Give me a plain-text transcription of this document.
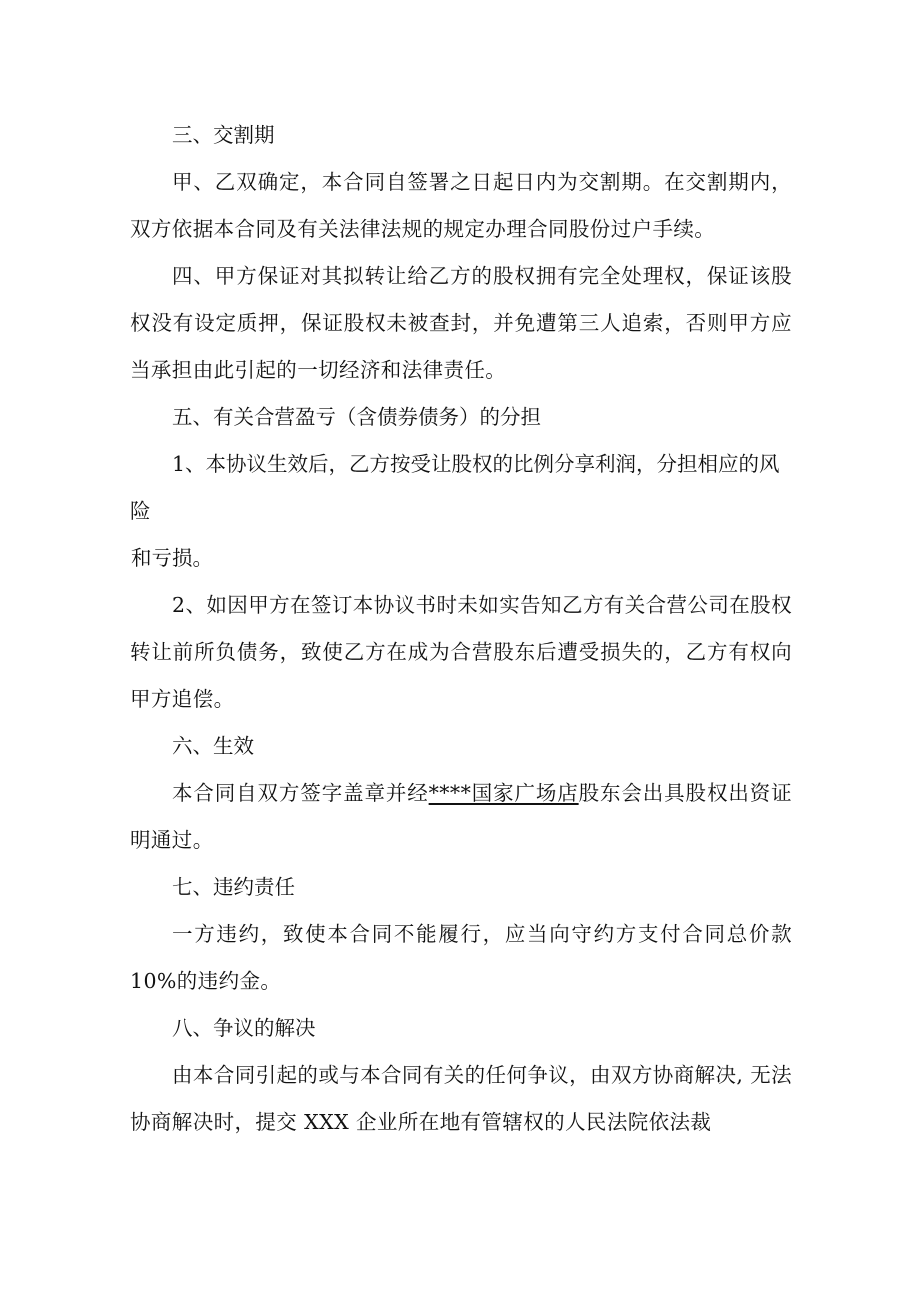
三、交割期

甲、乙双确定，本合同自签署之日起日内为交割期。在交割期内，双方依据本合同及有关法律法规的规定办理合同股份过户手续。

四、甲方保证对其拟转让给乙方的股权拥有完全处理权，保证该股权没有设定质押，保证股权未被查封，并免遭第三人追索，否则甲方应当承担由此引起的一切经济和法律责任。

五、有关合营盈亏（含债券债务）的分担

1、本协议生效后，乙方按受让股权的比例分享利润，分担相应的风险
和亏损。

2、如因甲方在签订本协议书时未如实告知乙方有关合营公司在股权转让前所负债务，致使乙方在成为合营股东后遭受损失的，乙方有权向甲方追偿。

六、生效

本合同自双方签字盖章并经****国家广场店股东会出具股权出资证明通过。

七、违约责任

一方违约，致使本合同不能履行，应当向守约方支付合同总价款 10%的违约金。

八、争议的解决

由本合同引起的或与本合同有关的任何争议，由双方协商解决, 无法协商解决时，提交 XXX 企业所在地有管辖权的人民法院依法裁
